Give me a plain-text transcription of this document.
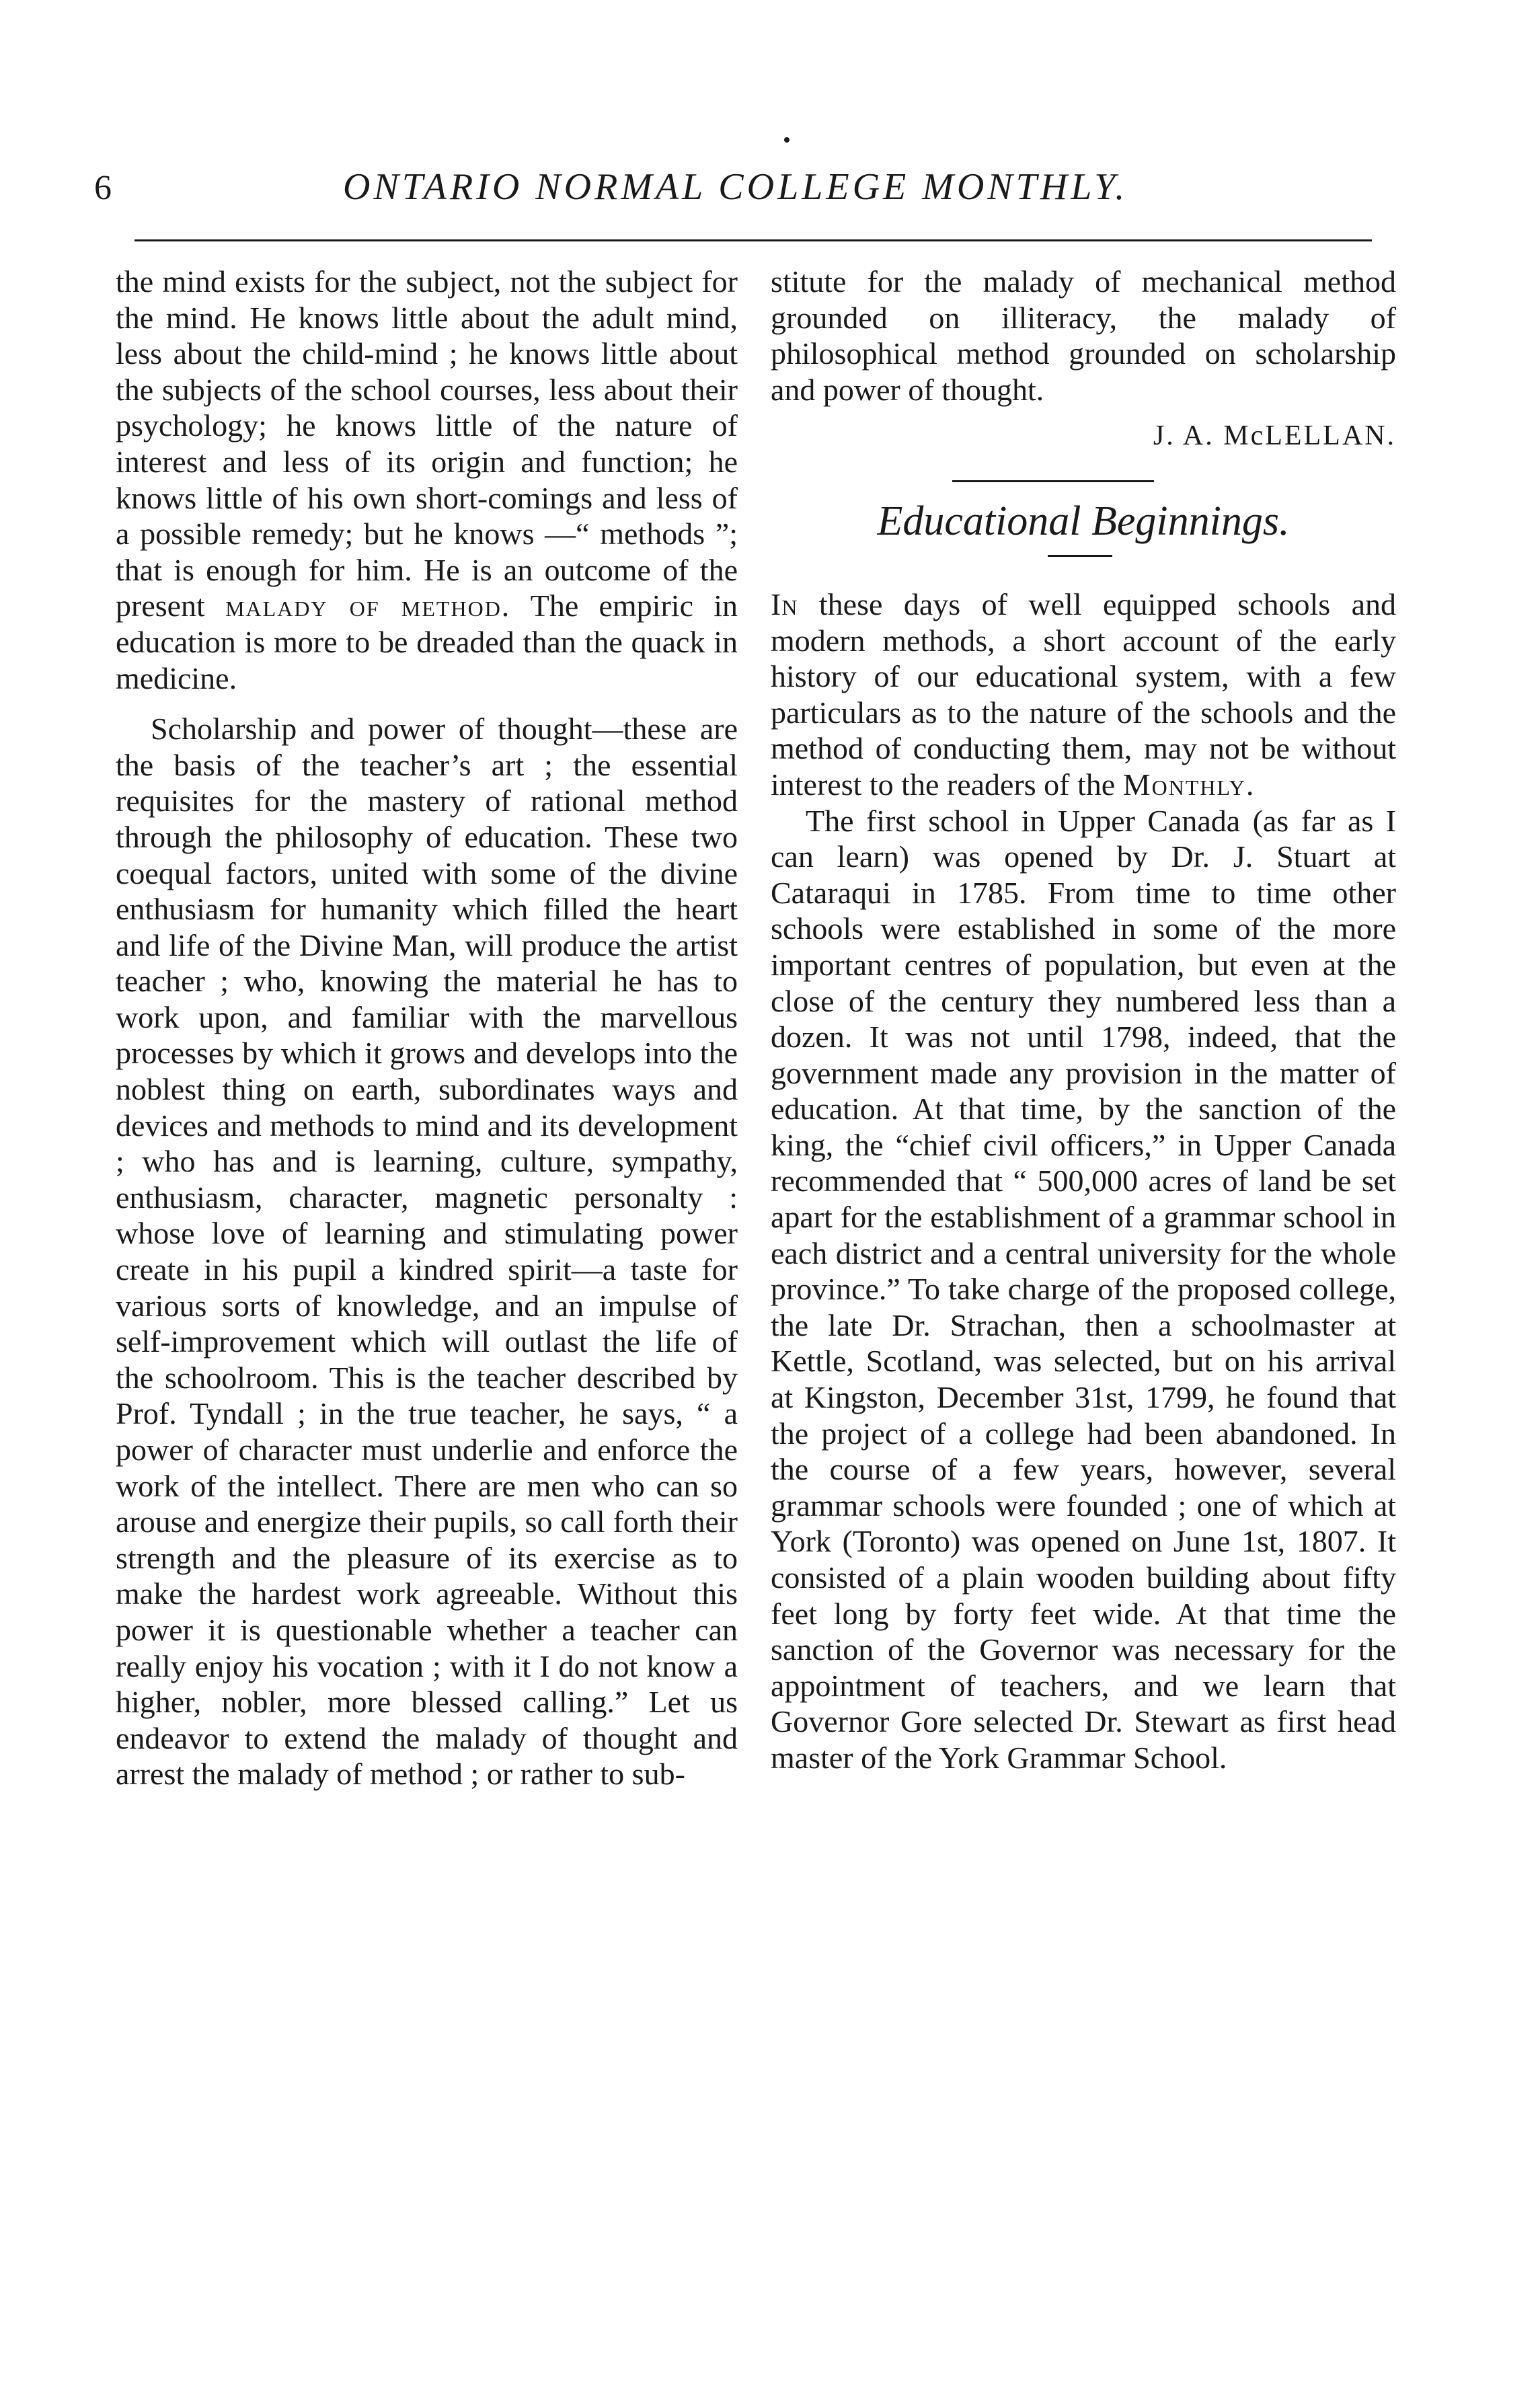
6	ONTARIO NORMAL COLLEGE MONTHLY.

the mind exists for the subject, not the subject for the mind. He knows little about the adult mind, less about the child-mind ; he knows little about the subjects of the school courses, less about their psychology; he knows little of the nature of interest and less of its origin and function; he knows little of his own short-comings and less of a possible remedy; but he knows —“ methods ”; that is enough for him. He is an outcome of the present malady of method. The empiric in education is more to be dreaded than the quack in medicine.

Scholarship and power of thought—these are the basis of the teacher’s art ; the essential requisites for the mastery of rational method through the philosophy of education. These two coequal factors, united with some of the divine enthusiasm for humanity which filled the heart and life of the Divine Man, will produce the artist teacher ; who, knowing the material he has to work upon, and familiar with the marvellous processes by which it grows and develops into the noblest thing on earth, subordinates ways and devices and methods to mind and its development ; who has and is learning, culture, sympathy, enthusiasm, character, magnetic personalty : whose love of learning and stimulating power create in his pupil a kindred spirit—a taste for various sorts of knowledge, and an impulse of self-improvement which will outlast the life of the schoolroom. This is the teacher described by Prof. Tyndall ; in the true teacher, he says, “ a power of character must underlie and enforce the work of the intellect. There are men who can so arouse and energize their pupils, so call forth their strength and the pleasure of its exercise as to make the hardest work agreeable. Without this power it is questionable whether a teacher can really enjoy his vocation ; with it I do not know a higher, nobler, more blessed calling.” Let us endeavor to extend the malady of thought and arrest the malady of method ; or rather to sub-

stitute for the malady of mechanical method grounded on illiteracy, the malady of philosophical method grounded on scholarship and power of thought.

J. A. McLELLAN.

Educational Beginnings.

In these days of well equipped schools and modern methods, a short account of the early history of our educational system, with a few particulars as to the nature of the schools and the method of conducting them, may not be without interest to the readers of the Monthly.

The first school in Upper Canada (as far as I can learn) was opened by Dr. J. Stuart at Cataraqui in 1785. From time to time other schools were established in some of the more important centres of population, but even at the close of the century they numbered less than a dozen. It was not until 1798, indeed, that the government made any provision in the matter of education. At that time, by the sanction of the king, the “chief civil officers,” in Upper Canada recommended that “ 500,000 acres of land be set apart for the establishment of a grammar school in each district and a central university for the whole province.” To take charge of the proposed college, the late Dr. Strachan, then a schoolmaster at Kettle, Scotland, was selected, but on his arrival at Kingston, December 31st, 1799, he found that the project of a college had been abandoned. In the course of a few years, however, several grammar schools were founded ; one of which at York (Toronto) was opened on June 1st, 1807. It consisted of a plain wooden building about fifty feet long by forty feet wide. At that time the sanction of the Governor was necessary for the appointment of teachers, and we learn that Governor Gore selected Dr. Stewart as first head master of the York Grammar School.
